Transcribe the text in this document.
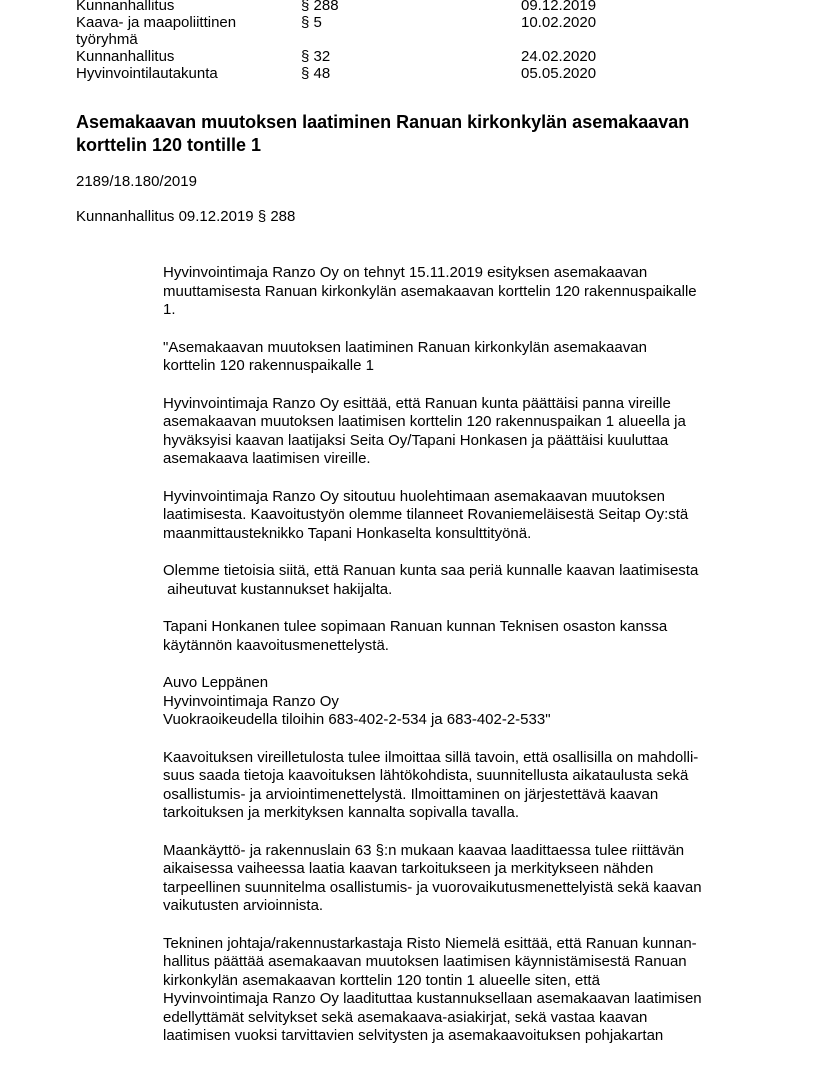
Kunnanhallitus	§ 288	09.12.2019
Kaava- ja maapoliittinen työryhmä	§ 5	10.02.2020
Kunnanhallitus	§ 32	24.02.2020
Hyvinvointilautakunta	§ 48	05.05.2020
Asemakaavan muutoksen laatiminen Ranuan kirkonkylän asemakaavan korttelin 120 tontille 1

2189/18.180/2019

Kunnanhallitus 09.12.2019 § 288

Hyvinvointimaja Ranzo Oy on tehnyt 15.11.2019 esityksen asemakaavan
muuttamisesta Ranuan kirkonkylän asemakaavan korttelin 120 rakennuspaikalle
1.

"Asemakaavan muutoksen laatiminen Ranuan kirkonkylän asemakaavan
korttelin 120 rakennuspaikalle 1

Hyvinvointimaja Ranzo Oy esittää, että Ranuan kunta päättäisi panna vireille
asemakaavan muutoksen laatimisen korttelin 120 rakennuspaikan 1 alueella ja
hyväksyisi kaavan laatijaksi Seita Oy/Tapani Honkasen ja päättäisi kuuluttaa
asemakaava laatimisen vireille.

Hyvinvointimaja Ranzo Oy sitoutuu huolehtimaan asemakaavan muutoksen
laatimisesta. Kaavoitustyön olemme tilanneet Rovaniemeläisestä Seitap Oy:stä
maanmittausteknikko Tapani Honkaselta konsulttityönä.

Olemme tietoisia siitä, että Ranuan kunta saa periä kunnalle kaavan laatimisesta
aiheutuvat kustannukset hakijalta.

Tapani Honkanen tulee sopimaan Ranuan kunnan Teknisen osaston kanssa
käytännön kaavoitusmenettelystä.

Auvo Leppänen
Hyvinvointimaja Ranzo Oy
Vuokraoikeudella tiloihin 683-402-2-534 ja 683-402-2-533"

Kaavoituksen vireilletulosta tulee ilmoittaa sillä tavoin, että osallisilla on mahdolli-
suus saada tietoja kaavoituksen lähtökohdista, suunnitellusta aikataulusta sekä
osallistumis- ja arviointimenettelystä. Ilmoittaminen on järjestettävä kaavan
tarkoituksen ja merkityksen kannalta sopivalla tavalla.

Maankäyttö- ja rakennuslain 63 §:n mukaan kaavaa laadittaessa tulee riittävän
aikaisessa vaiheessa laatia kaavan tarkoitukseen ja merkitykseen nähden
tarpeellinen suunnitelma osallistumis- ja vuorovaikutusmenettelyistä sekä kaavan
vaikutusten arvioinnista.

Tekninen johtaja/rakennustarkastaja Risto Niemelä esittää, että Ranuan kunnan-
hallitus päättää asemakaavan muutoksen laatimisen käynnistämisestä Ranuan
kirkonkylän asemakaavan korttelin 120 tontin 1 alueelle siten, että
Hyvinvointimaja Ranzo Oy laadituttaa kustannuksellaan asemakaavan laatimisen
edellyttämät selvitykset sekä asemakaava-asiakirjat, sekä vastaa kaavan
laatimisen vuoksi tarvittavien selvitysten ja asemakaavoituksen pohjakartan
